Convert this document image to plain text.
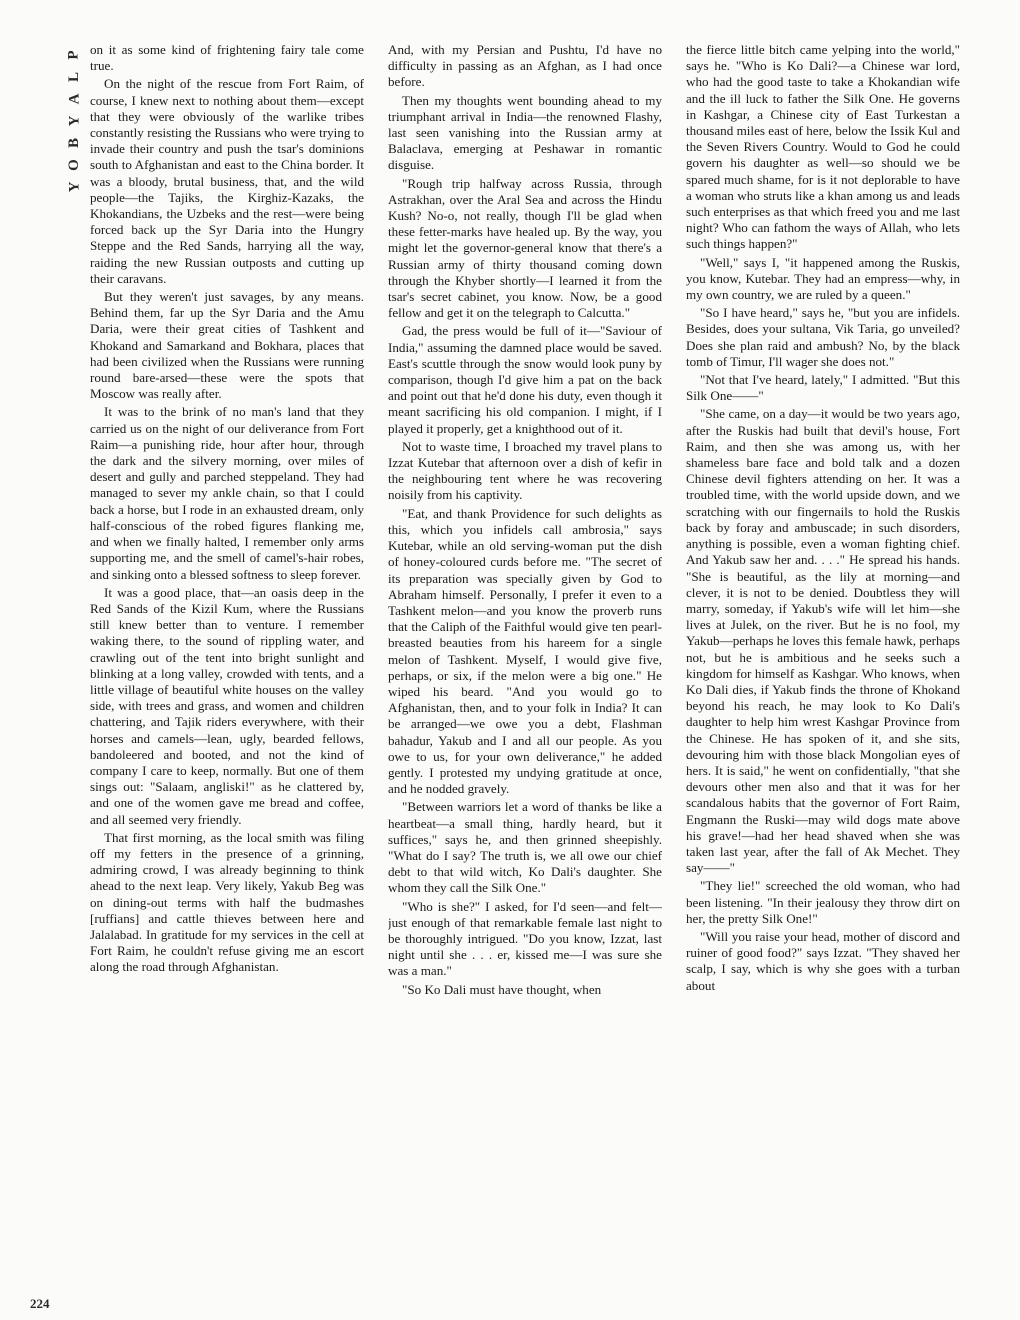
P
L
A
Y
B
O
Y
224

on it as some kind of frightening fairy tale come true.

On the night of the rescue from Fort Raim, of course, I knew next to nothing about them—except that they were obviously of the warlike tribes constantly resisting the Russians who were trying to invade their country and push the tsar's dominions south to Afghanistan and east to the China border. It was a bloody, brutal business, that, and the wild people—the Tajiks, the Kirghiz-Kazaks, the Khokandians, the Uzbeks and the rest—were being forced back up the Syr Daria into the Hungry Steppe and the Red Sands, harrying all the way, raiding the new Russian outposts and cutting up their caravans.

But they weren't just savages, by any means. Behind them, far up the Syr Daria and the Amu Daria, were their great cities of Tashkent and Khokand and Samarkand and Bokhara, places that had been civilized when the Russians were running round bare-arsed—these were the spots that Moscow was really after.

It was to the brink of no man's land that they carried us on the night of our deliverance from Fort Raim—a punishing ride, hour after hour, through the dark and the silvery morning, over miles of desert and gully and parched steppeland. They had managed to sever my ankle chain, so that I could back a horse, but I rode in an exhausted dream, only half-conscious of the robed figures flanking me, and when we finally halted, I remember only arms supporting me, and the smell of camel's-hair robes, and sinking onto a blessed softness to sleep forever.

It was a good place, that—an oasis deep in the Red Sands of the Kizil Kum, where the Russians still knew better than to venture. I remember waking there, to the sound of rippling water, and crawling out of the tent into bright sunlight and blinking at a long valley, crowded with tents, and a little village of beautiful white houses on the valley side, with trees and grass, and women and children chattering, and Tajik riders everywhere, with their horses and camels—lean, ugly, bearded fellows, bandoleered and booted, and not the kind of company I care to keep, normally. But one of them sings out: "Salaam, angliski!" as he clattered by, and one of the women gave me bread and coffee, and all seemed very friendly.

That first morning, as the local smith was filing off my fetters in the presence of a grinning, admiring crowd, I was already beginning to think ahead to the next leap. Very likely, Yakub Beg was on dining-out terms with half the budmashes [ruffians] and cattle thieves between here and Jalalabad. In gratitude for my services in the cell at Fort Raim, he couldn't refuse giving me an escort along the road through Afghanistan.

And, with my Persian and Pushtu, I'd have no difficulty in passing as an Afghan, as I had once before.

Then my thoughts went bounding ahead to my triumphant arrival in India—the renowned Flashy, last seen vanishing into the Russian army at Balaclava, emerging at Peshawar in romantic disguise.

"Rough trip halfway across Russia, through Astrakhan, over the Aral Sea and across the Hindu Kush? No-o, not really, though I'll be glad when these fetter-marks have healed up. By the way, you might let the governor-general know that there's a Russian army of thirty thousand coming down through the Khyber shortly—I learned it from the tsar's secret cabinet, you know. Now, be a good fellow and get it on the telegraph to Calcutta."

Gad, the press would be full of it—"Saviour of India," assuming the damned place would be saved. East's scuttle through the snow would look puny by comparison, though I'd give him a pat on the back and point out that he'd done his duty, even though it meant sacrificing his old companion. I might, if I played it properly, get a knighthood out of it.

Not to waste time, I broached my travel plans to Izzat Kutebar that afternoon over a dish of kefir in the neighbouring tent where he was recovering noisily from his captivity.

"Eat, and thank Providence for such delights as this, which you infidels call ambrosia," says Kutebar, while an old serving-woman put the dish of honey-coloured curds before me. "The secret of its preparation was specially given by God to Abraham himself. Personally, I prefer it even to a Tashkent melon—and you know the proverb runs that the Caliph of the Faithful would give ten pearl-breasted beauties from his hareem for a single melon of Tashkent. Myself, I would give five, perhaps, or six, if the melon were a big one." He wiped his beard. "And you would go to Afghanistan, then, and to your folk in India? It can be arranged—we owe you a debt, Flashman bahadur, Yakub and I and all our people. As you owe to us, for your own deliverance," he added gently. I protested my undying gratitude at once, and he nodded gravely.

"Between warriors let a word of thanks be like a heartbeat—a small thing, hardly heard, but it suffices," says he, and then grinned sheepishly. "What do I say? The truth is, we all owe our chief debt to that wild witch, Ko Dali's daughter. She whom they call the Silk One."

"Who is she?" I asked, for I'd seen—and felt—just enough of that remarkable female last night to be thoroughly intrigued. "Do you know, Izzat, last night until she . . . er, kissed me—I was sure she was a man."

"So Ko Dali must have thought, when

the fierce little bitch came yelping into the world," says he. "Who is Ko Dali?—a Chinese war lord, who had the good taste to take a Khokandian wife and the ill luck to father the Silk One. He governs in Kashgar, a Chinese city of East Turkestan a thousand miles east of here, below the Issik Kul and the Seven Rivers Country. Would to God he could govern his daughter as well—so should we be spared much shame, for is it not deplorable to have a woman who struts like a khan among us and leads such enterprises as that which freed you and me last night? Who can fathom the ways of Allah, who lets such things happen?"

"Well," says I, "it happened among the Ruskis, you know, Kutebar. They had an empress—why, in my own country, we are ruled by a queen."

"So I have heard," says he, "but you are infidels. Besides, does your sultana, Vik Taria, go unveiled? Does she plan raid and ambush? No, by the black tomb of Timur, I'll wager she does not."

"Not that I've heard, lately," I admitted. "But this Silk One——"

"She came, on a day—it would be two years ago, after the Ruskis had built that devil's house, Fort Raim, and then she was among us, with her shameless bare face and bold talk and a dozen Chinese devil fighters attending on her. It was a troubled time, with the world upside down, and we scratching with our fingernails to hold the Ruskis back by foray and ambuscade; in such disorders, anything is possible, even a woman fighting chief. And Yakub saw her and. . . ." He spread his hands. "She is beautiful, as the lily at morning—and clever, it is not to be denied. Doubtless they will marry, someday, if Yakub's wife will let him—she lives at Julek, on the river. But he is no fool, my Yakub—perhaps he loves this female hawk, perhaps not, but he is ambitious and he seeks such a kingdom for himself as Kashgar. Who knows, when Ko Dali dies, if Yakub finds the throne of Khokand beyond his reach, he may look to Ko Dali's daughter to help him wrest Kashgar Province from the Chinese. He has spoken of it, and she sits, devouring him with those black Mongolian eyes of hers. It is said," he went on confidentially, "that she devours other men also and that it was for her scandalous habits that the governor of Fort Raim, Engmann the Ruski—may wild dogs mate above his grave!—had her head shaved when she was taken last year, after the fall of Ak Mechet. They say——"

"They lie!" screeched the old woman, who had been listening. "In their jealousy they throw dirt on her, the pretty Silk One!"

"Will you raise your head, mother of discord and ruiner of good food?" says Izzat. "They shaved her scalp, I say, which is why she goes with a turban about
